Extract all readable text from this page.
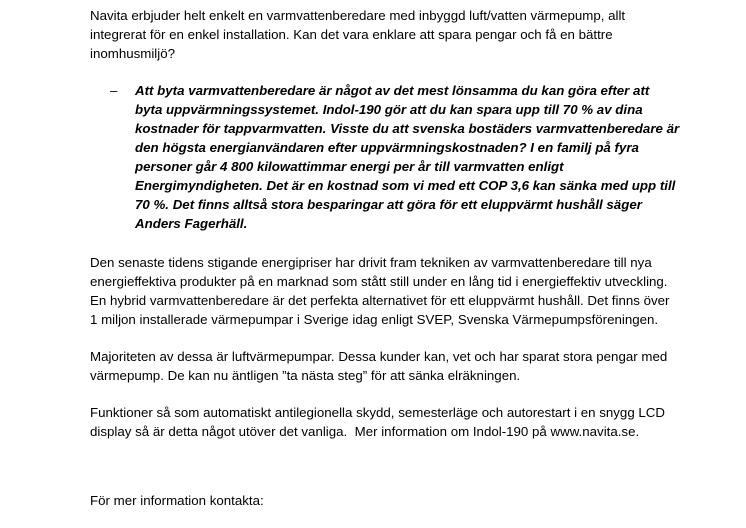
Navita erbjuder helt enkelt en varmvattenberedare med inbyggd luft/vatten värmepump, allt integrerat för en enkel installation. Kan det vara enklare att spara pengar och få en bättre inomhusmiljö?

– Att byta varmvattenberedare är något av det mest lönsamma du kan göra efter att byta uppvärmningssystemet. Indol-190 gör att du kan spara upp till 70 % av dina kostnader för tappvarmvatten. Visste du att svenska bostäders varmvattenberedare är den högsta energianvändaren efter uppvärmningskostnaden? I en familj på fyra personer går 4 800 kilowattimmar energi per år till varmvatten enligt Energimyndigheten. Det är en kostnad som vi med ett COP 3,6 kan sänka med upp till 70 %. Det finns alltså stora besparingar att göra för ett eluppvärmt hushåll säger Anders Fagerhäll.

Den senaste tidens stigande energipriser har drivit fram tekniken av varmvattenberedare till nya energieffektiva produkter på en marknad som stått still under en lång tid i energieffektiv utveckling.  En hybrid varmvattenberedare är det perfekta alternativet för ett eluppvärmt hushåll. Det finns över 1 miljon installerade värmepumpar i Sverige idag enligt SVEP, Svenska Värmepumpsföreningen.

Majoriteten av dessa är luftvärmepumpar. Dessa kunder kan, vet och har sparat stora pengar med värmepump. De kan nu äntligen ”ta nästa steg” för att sänka elräkningen.

Funktioner så som automatiskt antilegionella skydd, semesterläge och autorestart i en snygg LCD display så är detta något utöver det vanliga.  Mer information om Indol-190 på www.navita.se.

För mer information kontakta:
